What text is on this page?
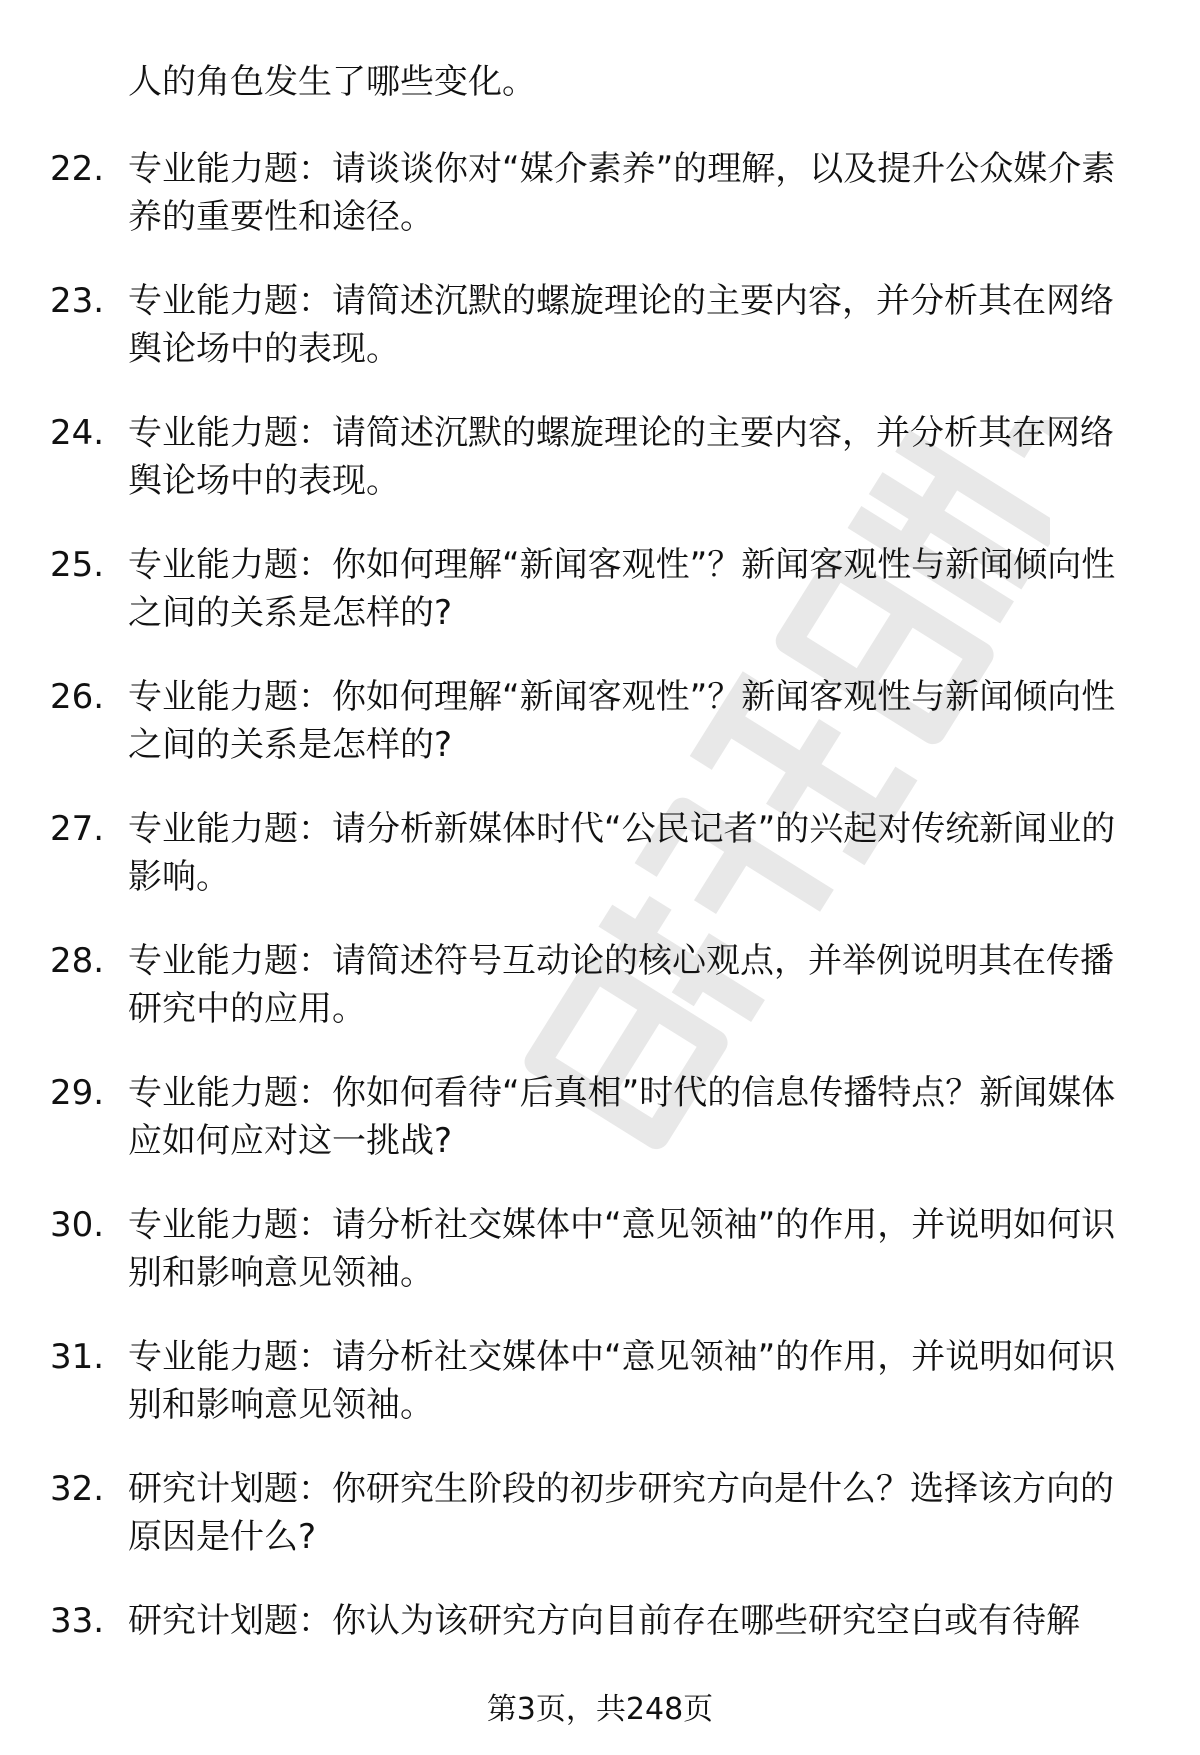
人的角色发生了哪些变化。

22. 专业能力题：请谈谈你对“媒介素养”的理解，以及提升公众媒介素养的重要性和途径。

23. 专业能力题：请简述沉默的螺旋理论的主要内容，并分析其在网络舆论场中的表现。

24. 专业能力题：请简述沉默的螺旋理论的主要内容，并分析其在网络舆论场中的表现。

25. 专业能力题：你如何理解“新闻客观性”？新闻客观性与新闻倾向性之间的关系是怎样的?

26. 专业能力题：你如何理解“新闻客观性”？新闻客观性与新闻倾向性之间的关系是怎样的?

27. 专业能力题：请分析新媒体时代“公民记者”的兴起对传统新闻业的影响。

28. 专业能力题：请简述符号互动论的核心观点，并举例说明其在传播研究中的应用。

29. 专业能力题：你如何看待“后真相”时代的信息传播特点？新闻媒体应如何应对这一挑战?

30. 专业能力题：请分析社交媒体中“意见领袖”的作用，并说明如何识别和影响意见领袖。

31. 专业能力题：请分析社交媒体中“意见领袖”的作用，并说明如何识别和影响意见领袖。

32. 研究计划题：你研究生阶段的初步研究方向是什么？选择该方向的原因是什么?

33. 研究计划题：你认为该研究方向目前存在哪些研究空白或有待解

第3页，共248页
